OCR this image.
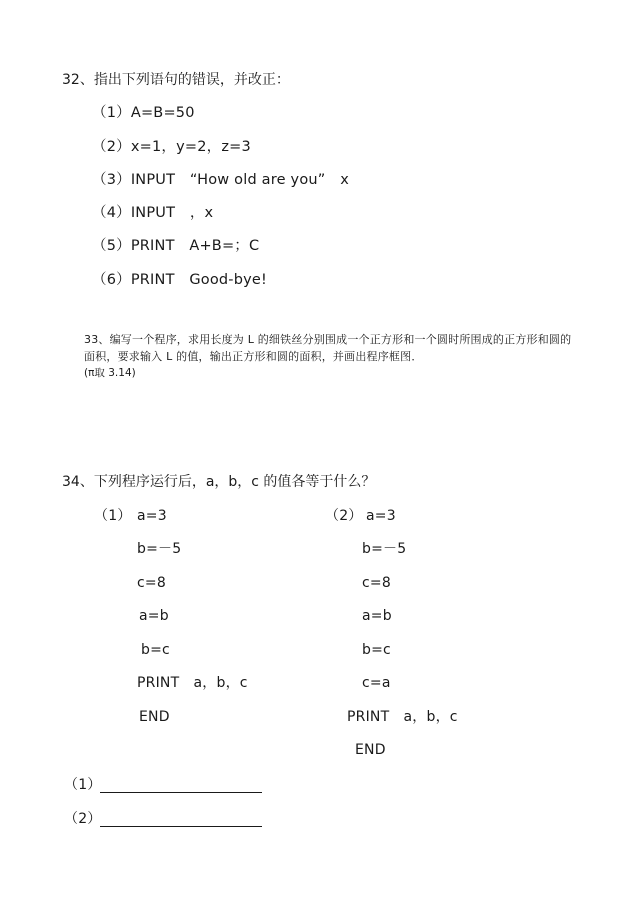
32、指出下列语句的错误，并改正：
（1）A=B=50
（2）x=1，y=2，z=3
（3）INPUT　“How old are you”　x
（4）INPUT　，x
（5）PRINT　A+B=；C
（6）PRINT　Good-bye!
33、编写一个程序，求用长度为 L 的细铁丝分别围成一个正方形和一个圆时所围成的正方形和圆的
面积，要求输入 L 的值，输出正方形和圆的面积，并画出程序框图．
(π取 3.14)
34、下列程序运行后，a，b，c 的值各等于什么？
（1） a=3
b=－5
c=8
a=b
b=c
PRINT　a，b，c
END
（2） a=3
b=－5
c=8
a=b
b=c
c=a
PRINT　a，b，c
END
（1）
（2）
